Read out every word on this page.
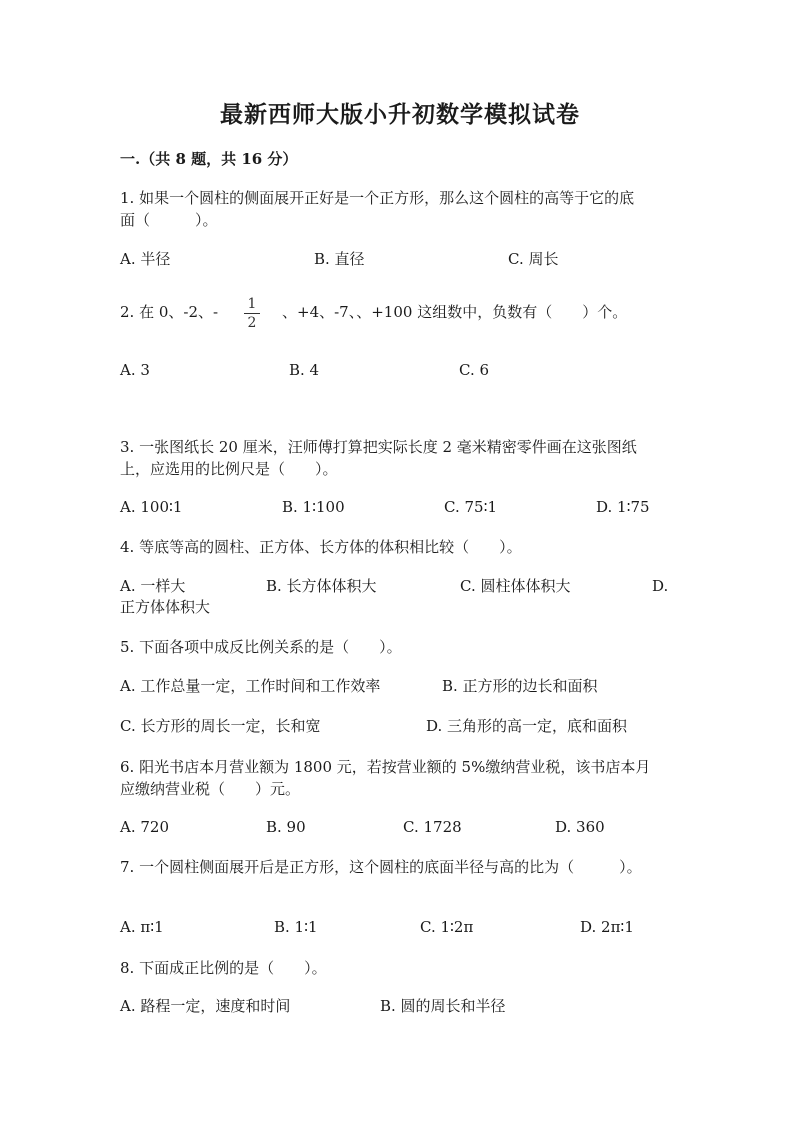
最新西师大版小升初数学模拟试卷
一.（共 8 题，共 16 分）
1. 如果一个圆柱的侧面展开正好是一个正方形，那么这个圆柱的高等于它的底
面（　　　）。
A. 半径	B. 直径	C. 周长
2. 在 0、-2、- $\frac{1}{2}$ 、+4、-7、、+100 这组数中，负数有（　　）个。
A. 3	B. 4	C. 6
3. 一张图纸长 20 厘米，汪师傅打算把实际长度 2 毫米精密零件画在这张图纸
上，应选用的比例尺是（　　）。
A. 100∶1	B. 1∶100	C. 75∶1	D. 1∶75
4. 等底等高的圆柱、正方体、长方体的体积相比较（　　）。
A. 一样大	B. 长方体体积大	C. 圆柱体体积大	D.
正方体体积大
5. 下面各项中成反比例关系的是（　　）。
A. 工作总量一定，工作时间和工作效率	B. 正方形的边长和面积
C. 长方形的周长一定，长和宽	D. 三角形的高一定，底和面积
6. 阳光书店本月营业额为 1800 元，若按营业额的 5%缴纳营业税，该书店本月
应缴纳营业税（　　）元。
A. 720	B. 90	C. 1728	D. 360
7. 一个圆柱侧面展开后是正方形，这个圆柱的底面半径与高的比为（　　　）。
A. π∶1	B. 1∶1	C. 1∶2π	D. 2π∶1
8. 下面成正比例的是（　　）。
A. 路程一定，速度和时间	B. 圆的周长和半径
